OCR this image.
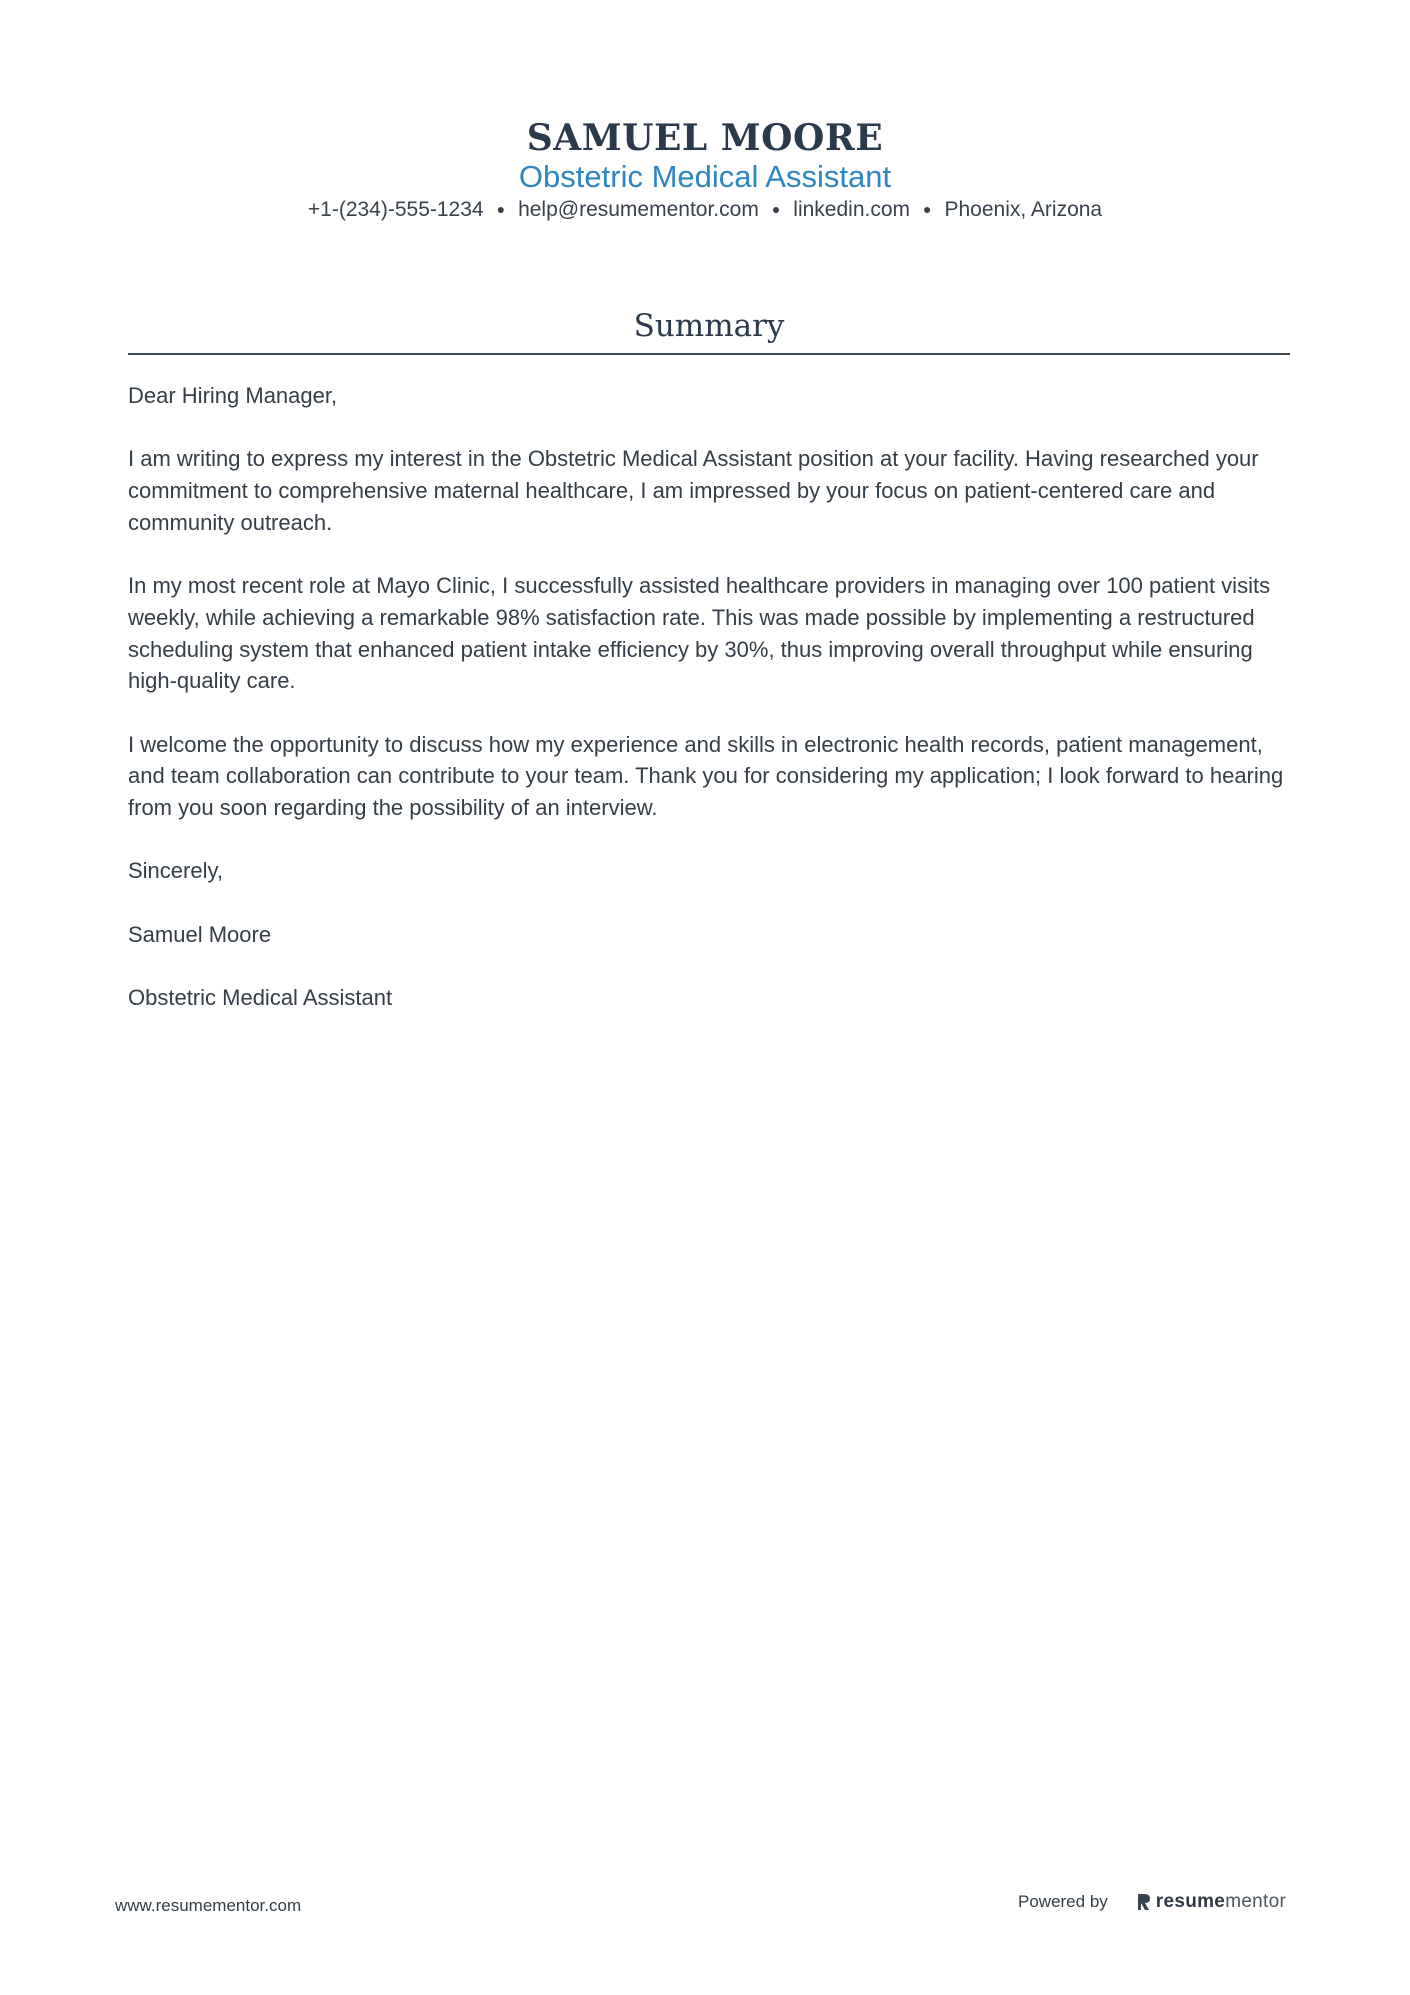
SAMUEL MOORE
Obstetric Medical Assistant
+1-(234)-555-1234 ● help@resumementor.com ● linkedin.com ● Phoenix, Arizona
Summary

Dear Hiring Manager,

I am writing to express my interest in the Obstetric Medical Assistant position at your facility. Having researched your commitment to comprehensive maternal healthcare, I am impressed by your focus on patient-centered care and community outreach.

In my most recent role at Mayo Clinic, I successfully assisted healthcare providers in managing over 100 patient visits weekly, while achieving a remarkable 98% satisfaction rate. This was made possible by implementing a restructured scheduling system that enhanced patient intake efficiency by 30%, thus improving overall throughput while ensuring high-quality care.

I welcome the opportunity to discuss how my experience and skills in electronic health records, patient management, and team collaboration can contribute to your team. Thank you for considering my application; I look forward to hearing from you soon regarding the possibility of an interview.

Sincerely,

Samuel Moore

Obstetric Medical Assistant

www.resumementor.com	Powered by	resume mentor
